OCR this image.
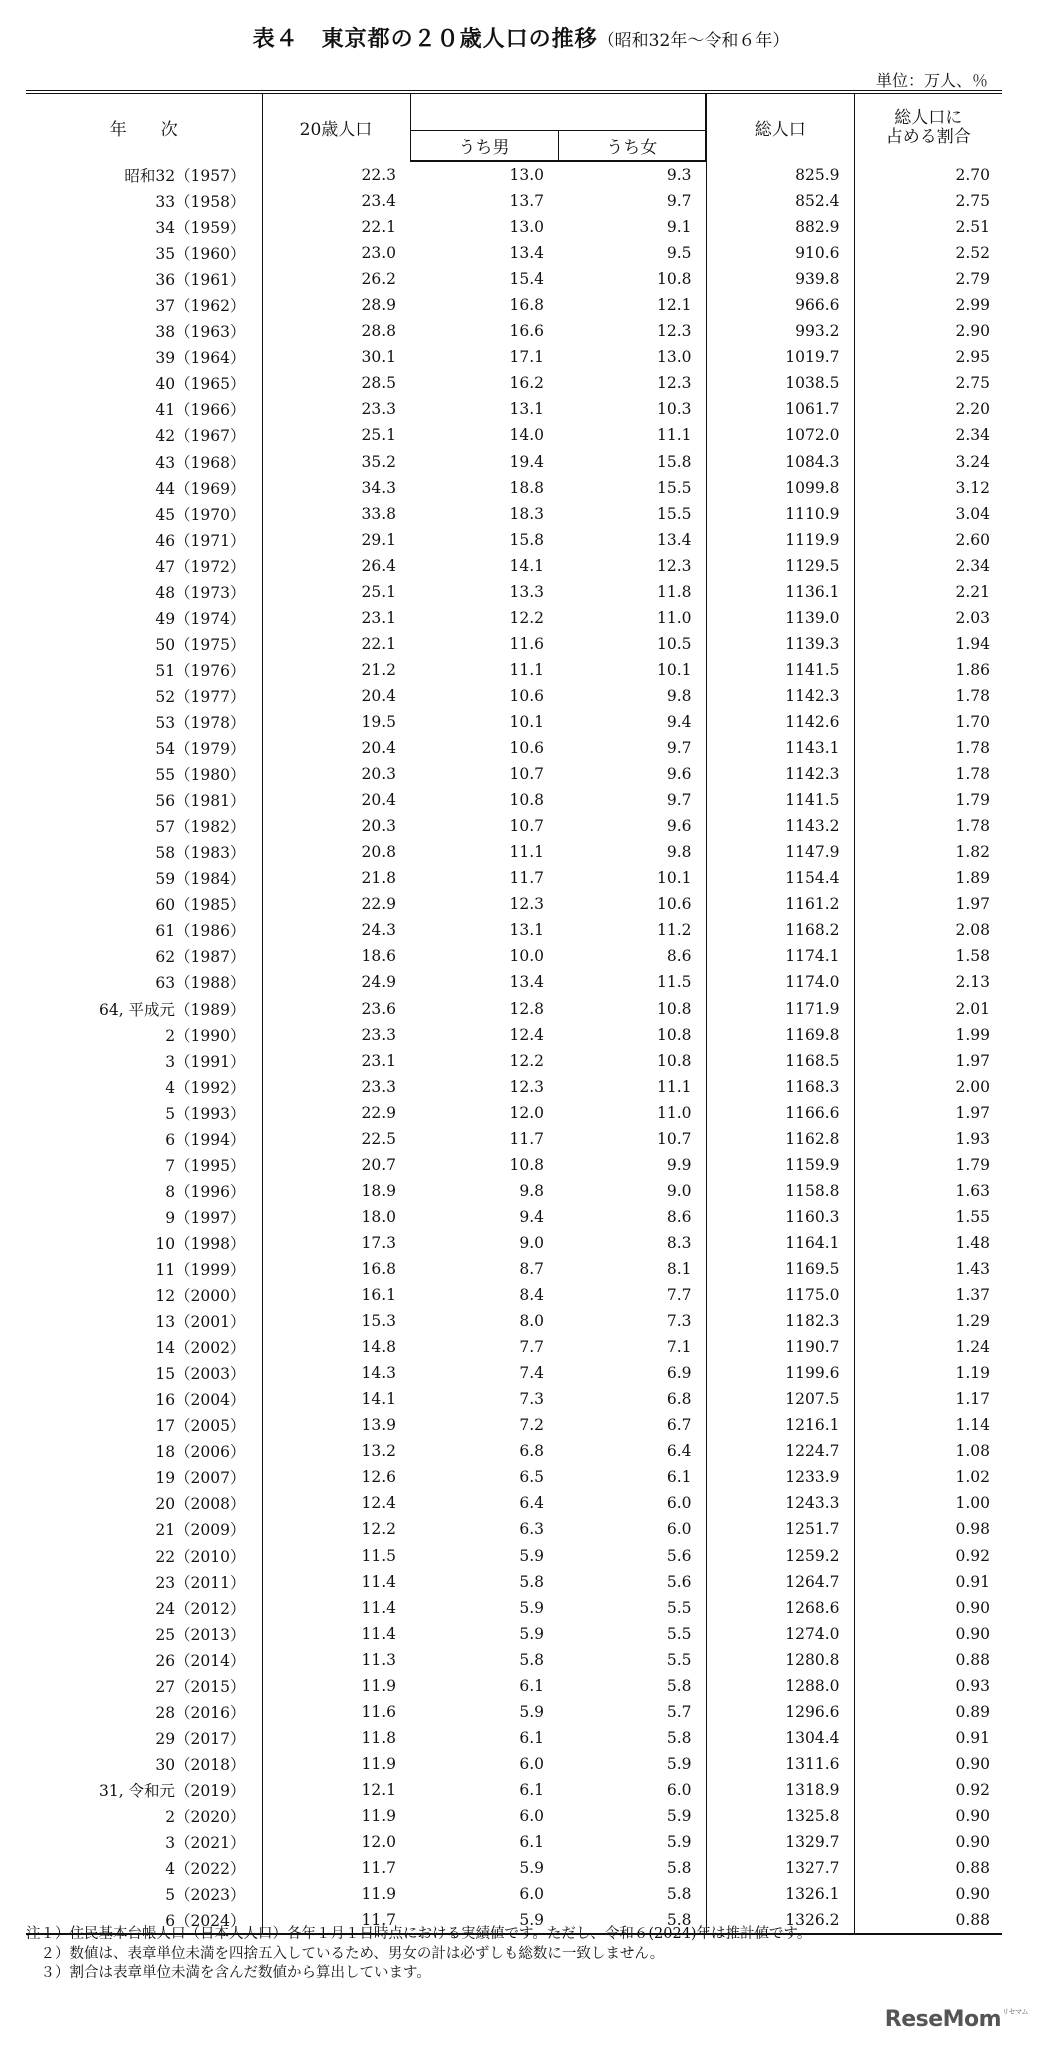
表４　東京都の２０歳人口の推移（昭和32年～令和６年）
単位：万人、％
年　　次	20歳人口			総人口	総人口に
占める割合
		うち男	うち女		
昭和32（1957）	22.3	13.0	9.3	825.9	2.70
33（1958）	23.4	13.7	9.7	852.4	2.75
34（1959）	22.1	13.0	9.1	882.9	2.51
35（1960）	23.0	13.4	9.5	910.6	2.52
36（1961）	26.2	15.4	10.8	939.8	2.79
37（1962）	28.9	16.8	12.1	966.6	2.99
38（1963）	28.8	16.6	12.3	993.2	2.90
39（1964）	30.1	17.1	13.0	1019.7	2.95
40（1965）	28.5	16.2	12.3	1038.5	2.75
41（1966）	23.3	13.1	10.3	1061.7	2.20
42（1967）	25.1	14.0	11.1	1072.0	2.34
43（1968）	35.2	19.4	15.8	1084.3	3.24
44（1969）	34.3	18.8	15.5	1099.8	3.12
45（1970）	33.8	18.3	15.5	1110.9	3.04
46（1971）	29.1	15.8	13.4	1119.9	2.60
47（1972）	26.4	14.1	12.3	1129.5	2.34
48（1973）	25.1	13.3	11.8	1136.1	2.21
49（1974）	23.1	12.2	11.0	1139.0	2.03
50（1975）	22.1	11.6	10.5	1139.3	1.94
51（1976）	21.2	11.1	10.1	1141.5	1.86
52（1977）	20.4	10.6	9.8	1142.3	1.78
53（1978）	19.5	10.1	9.4	1142.6	1.70
54（1979）	20.4	10.6	9.7	1143.1	1.78
55（1980）	20.3	10.7	9.6	1142.3	1.78
56（1981）	20.4	10.8	9.7	1141.5	1.79
57（1982）	20.3	10.7	9.6	1143.2	1.78
58（1983）	20.8	11.1	9.8	1147.9	1.82
59（1984）	21.8	11.7	10.1	1154.4	1.89
60（1985）	22.9	12.3	10.6	1161.2	1.97
61（1986）	24.3	13.1	11.2	1168.2	2.08
62（1987）	18.6	10.0	8.6	1174.1	1.58
63（1988）	24.9	13.4	11.5	1174.0	2.13
64, 平成元（1989）	23.6	12.8	10.8	1171.9	2.01
2（1990）	23.3	12.4	10.8	1169.8	1.99
3（1991）	23.1	12.2	10.8	1168.5	1.97
4（1992）	23.3	12.3	11.1	1168.3	2.00
5（1993）	22.9	12.0	11.0	1166.6	1.97
6（1994）	22.5	11.7	10.7	1162.8	1.93
7（1995）	20.7	10.8	9.9	1159.9	1.79
8（1996）	18.9	9.8	9.0	1158.8	1.63
9（1997）	18.0	9.4	8.6	1160.3	1.55
10（1998）	17.3	9.0	8.3	1164.1	1.48
11（1999）	16.8	8.7	8.1	1169.5	1.43
12（2000）	16.1	8.4	7.7	1175.0	1.37
13（2001）	15.3	8.0	7.3	1182.3	1.29
14（2002）	14.8	7.7	7.1	1190.7	1.24
15（2003）	14.3	7.4	6.9	1199.6	1.19
16（2004）	14.1	7.3	6.8	1207.5	1.17
17（2005）	13.9	7.2	6.7	1216.1	1.14
18（2006）	13.2	6.8	6.4	1224.7	1.08
19（2007）	12.6	6.5	6.1	1233.9	1.02
20（2008）	12.4	6.4	6.0	1243.3	1.00
21（2009）	12.2	6.3	6.0	1251.7	0.98
22（2010）	11.5	5.9	5.6	1259.2	0.92
23（2011）	11.4	5.8	5.6	1264.7	0.91
24（2012）	11.4	5.9	5.5	1268.6	0.90
25（2013）	11.4	5.9	5.5	1274.0	0.90
26（2014）	11.3	5.8	5.5	1280.8	0.88
27（2015）	11.9	6.1	5.8	1288.0	0.93
28（2016）	11.6	5.9	5.7	1296.6	0.89
29（2017）	11.8	6.1	5.8	1304.4	0.91
30（2018）	11.9	6.0	5.9	1311.6	0.90
31, 令和元（2019）	12.1	6.1	6.0	1318.9	0.92
2（2020）	11.9	6.0	5.9	1325.8	0.90
3（2021）	12.0	6.1	5.9	1329.7	0.90
4（2022）	11.7	5.9	5.8	1327.7	0.88
5（2023）	11.9	6.0	5.8	1326.1	0.90
6（2024）	11.7	5.9	5.8	1326.2	0.88
注１）住民基本台帳人口（日本人人口）各年１月１日時点における実績値です。ただし、令和６(2024)年は推計値です。
　２）数値は、表章単位未満を四捨五入しているため、男女の計は必ずしも総数に一致しません。
　３）割合は表章単位未満を含んだ数値から算出しています。
ReseMom$^{リセマム}$
